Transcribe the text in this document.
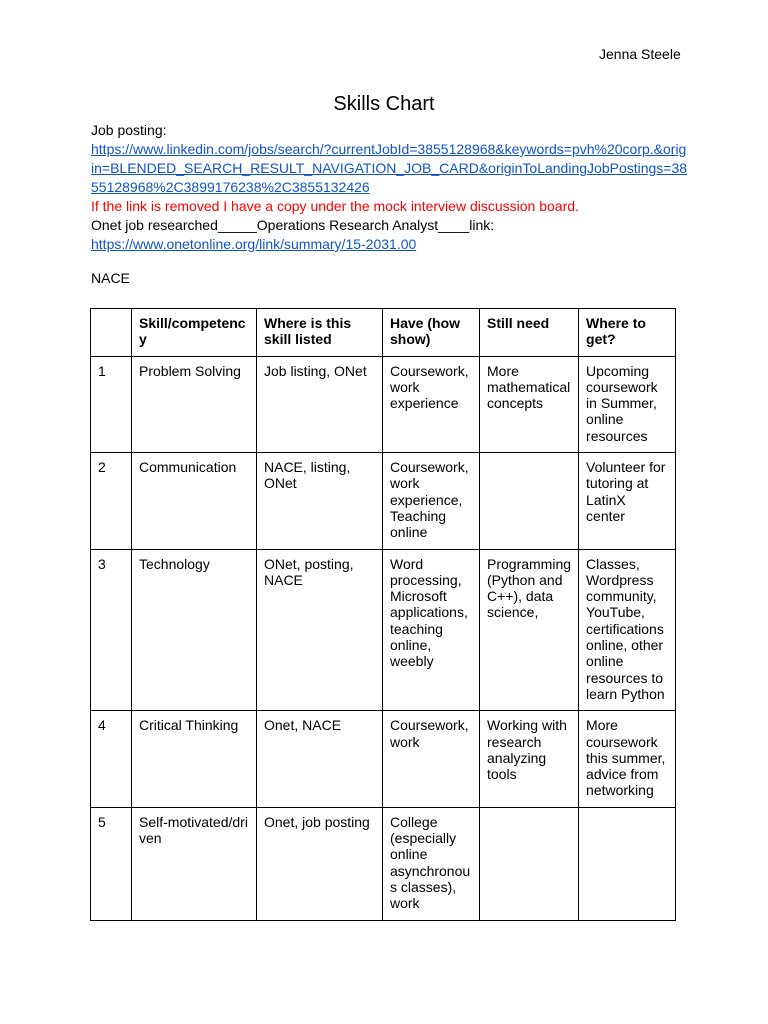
Jenna Steele
Skills Chart
Job posting:
https://www.linkedin.com/jobs/search/?currentJobId=3855128968&keywords=pvh%20corp.&orig
in=BLENDED_SEARCH_RESULT_NAVIGATION_JOB_CARD&originToLandingJobPostings=38
55128968%2C3899176238%2C3855132426
If the link is removed I have a copy under the mock interview discussion board.
Onet job researched_____Operations Research Analyst____link:
https://www.onetonline.org/link/summary/15-2031.00
NACE
	Skill/competenc y	Where is this skill listed	Have (how show)	Still need	Where to get?
1	Problem Solving	Job listing, ONet	Coursework, work experience	More mathematical concepts	Upcoming coursework in Summer, online resources
2	Communication	NACE, listing, ONet	Coursework, work experience, Teaching online		Volunteer for tutoring at LatinX center
3	Technology	ONet, posting, NACE	Word processing, Microsoft applications, teaching online, weebly	Programming (Python and C++), data science,	Classes, Wordpress community, YouTube, certifications online, other online resources to learn Python
4	Critical Thinking	Onet, NACE	Coursework, work	Working with research analyzing tools	More coursework this summer, advice from networking
5	Self-motivated/dri ven	Onet, job posting	College (especially online asynchronou s classes), work		
